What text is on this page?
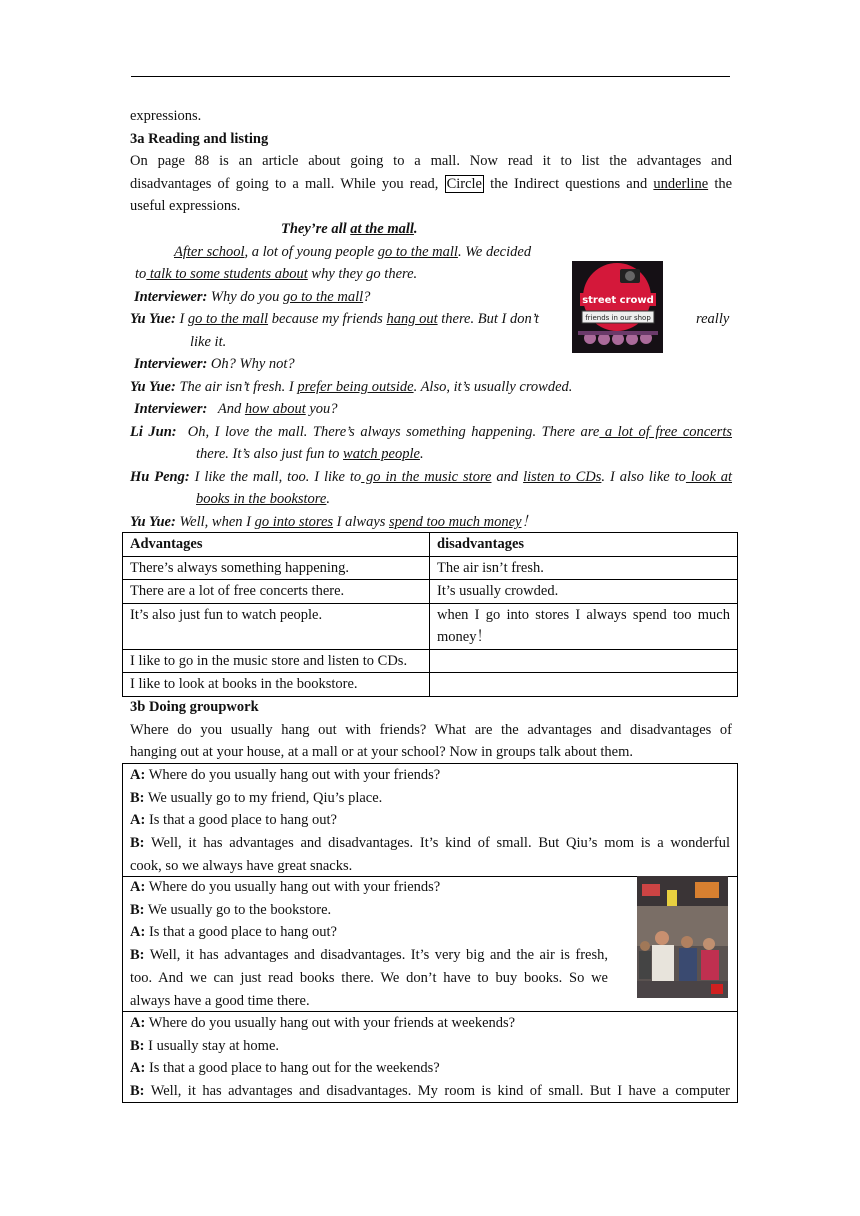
expressions.
3a Reading and listing
On page 88 is an article about going to a mall. Now read it to list the advantages and
disadvantages of going to a mall. While you read, Circle the Indirect questions and underline the
useful expressions.
They’re all at the mall.
After school, a lot of young people go to the mall. We decided
to talk to some students about why they go there.
Interviewer: Why do you go to the mall?
Yu Yue: I go to the mall because my friends hang out there. But I don’t	really
like it.
street crowd
friends in our shop
Interviewer: Oh? Why not?
Yu Yue: The air isn’t fresh. I prefer being outside. Also, it’s usually crowded.
Interviewer:   And how about you?
Li Jun:  Oh, I love the mall. There’s always something happening. There are a lot of free concerts
there. It’s also just fun to watch people.
Hu Peng: I like the mall, too. I like to go in the music store and listen to CDs. I also like to look at
books in the bookstore.
Yu Yue: Well, when I go into stores I always spend too much money！
Advantages	disadvantages
There’s always something happening.	The air isn’t fresh.
There are a lot of free concerts there.	It’s usually crowded.
It’s also just fun to watch people.	when I go into stores I always spend too much money！
I like to go in the music store and listen to CDs.	
I like to look at books in the bookstore.	
3b Doing groupwork
Where do you usually hang out with friends? What are the advantages and disadvantages of
hanging out at your house, at a mall or at your school? Now in groups talk about them.
A: Where do you usually hang out with your friends?
B: We usually go to my friend, Qiu’s place.
A: Is that a good place to hang out?
B: Well, it has advantages and disadvantages. It’s kind of small. But Qiu’s mom is a wonderful
cook, so we always have great snacks.
A: Where do you usually hang out with your friends?
B: We usually go to the bookstore.
A: Is that a good place to hang out?
B: Well, it has advantages and disadvantages. It’s very big and the air is fresh,
too. And we can just read books there. We don’t have to buy books. So we
always have a good time there.
A: Where do you usually hang out with your friends at weekends?
B: I usually stay at home.
A: Is that a good place to hang out for the weekends?
B: Well, it has advantages and disadvantages. My room is kind of small. But I have a computer
